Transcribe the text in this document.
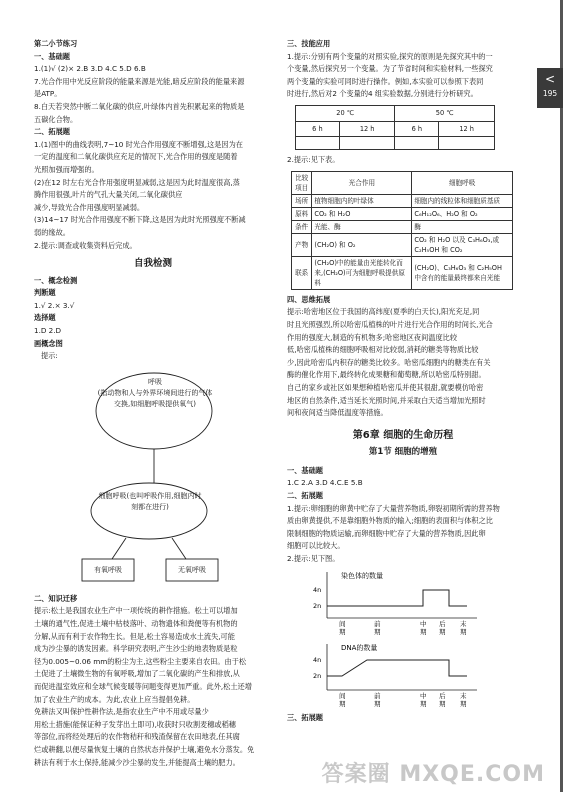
<
195

第二小节练习

一、基础题

1.(1)√ (2)× 2.B 3.D 4.C 5.D 6.B

7.光合作用中光反应阶段的能量来源是光能,暗反应阶段的能量来源

是ATP。

8.白天若突然中断二氧化碳的供应,叶绿体内首先积累起来的物质是

五碳化合物。

二、拓展题

1.(1)图中的曲线表明,7~10 时光合作用强度不断增强,这是因为在

一定的温度和二氧化碳供应充足的情况下,光合作用的强度是随着

光照加强而增强的。

(2)在12 时左右光合作用强度明显减弱,这是因为此时温度很高,蒸

腾作用很强,叶片的气孔大量关闭,二氧化碳供应

减少,导致光合作用强度明显减弱。

(3)14~17 时光合作用强度不断下降,这是因为此时光照强度不断减

弱的缘故。

2.提示:调查或收集资料后完成。

自我检测

一、概念检测

判断题

1.√ 2.× 3.√

选择题

1.D 2.D

画概念图

提示:

呼吸
(指动物和人与外界环境间进行的气体交换,如细胞呼吸提供氧气)
细胞呼吸(也叫呼吸作用,细胞内时刻都在进行)
有氧呼吸	无氧呼吸

二、知识迁移

提示:松土是我国农业生产中一项传统的耕作措施。松土可以增加

土壤的通气性,促进土壤中枯枝落叶、动物遗体和粪便等有机物的

分解,从而有利于农作物生长。但是,松土容易造成水土流失,可能

成为沙尘暴的诱发因素。科学研究表明,产生沙尘的地表物质是粒

径为0.005~0.06 mm的粉尘为主,这些粉尘主要来自农田。由于松

土促进了土壤微生物的有氧呼吸,增加了二氧化碳的产生和排放,从

而促进温室效应和全球气候变暖等问题变得更加严重。此外,松土还增

加了农业生产的成本。为此,农业上应当提倡免耕。

免耕法又叫保护性耕作法,是指农业生产中不用或尽量少

用松土措施(能保证种子发芽出土即可),收获时只收割麦穗或稻穗

等部位,而将经处理后的农作物秸秆和残渣保留在农田地表,任其腐

烂或耕翻,以便尽量恢复土壤的自然状态并保护土壤,避免水分蒸发。免

耕法有利于水土保持,能减少沙尘暴的发生,并能提高土壤的肥力。

三、技能应用

1.提示:分别有两个变量的对照实验,探究的原则是先探究其中的一

个变量,然后探究另一个变量。为了节省时间和实验材料,一些探究

两个变量的实验可同时进行操作。例如,本实验可以参照下表同

时进行,然后对2 个变量的4 组实验数据,分别进行分析研究。

20 ℃		50 ℃	
6 h	12 h	6 h	12 h

2.提示:见下表。

比较项目	光合作用	细胞呼吸
场所	植物细胞内的叶绿体	细胞内的线粒体和细胞质基质
原料	CO₂ 和 H₂O	C₆H₁₂O₆、H₂O 和 O₂
条件	光能、酶	酶
产物	(CH₂O) 和 O₂	CO₂ 和 H₂O 以及 C₃H₆O₃,或 C₂H₅OH 和 CO₂
联系	(CH₂O)中的能量由光能转化而来,(CH₂O)可为细胞呼吸提供原料	(CH₂O)、C₃H₆O₃ 和 C₂H₅OH 中含有的能量最终都来自光能

四、思维拓展

提示:哈密地区位于我国的高纬度(夏季的白天长),阳光充足,同

时且光照强烈,所以哈密瓜植株的叶片进行光合作用的时间长,光合

作用的强度大,制造的有机物多;哈密地区夜间温度比较

低,哈密瓜植株的细胞呼吸相对比较弱,消耗的糖类等物质比较

少,因此哈密瓜内积存的糖类比较多。哈密瓜细胞内的糖类在有关

酶的催化作用下,最终转化成果糖和葡萄糖,所以哈密瓜特别甜。

自己的家乡或社区如果想种植哈密瓜并使其很甜,就要模仿哈密

地区的自然条件,适当延长光照时间,并采取白天适当增加光照时

间和夜间适当降低温度等措施。

第6章 细胞的生命历程

第1节 细胞的增殖

一、基础题

1.C 2.A 3.D 4.C.E 5.B

二、拓展题

1.提示:卵细胞的卵黄中贮存了大量营养物质,卵裂初期所需的营养物

质由卵黄提供,不是靠细胞外物质的输入;细胞的表面积与体积之比

限制细胞的物质运输,而卵细胞中贮存了大量的营养物质,因此卵

细胞可以比较大。

2.提示:见下图。

染色体的数量
4n
2n
间
期
前
期
中
期
后
期
末
期
DNA的数量
4n
2n
间
期
前
期
中
期
后
期
末
期

三、拓展题

答案圈 MXQE.COM
